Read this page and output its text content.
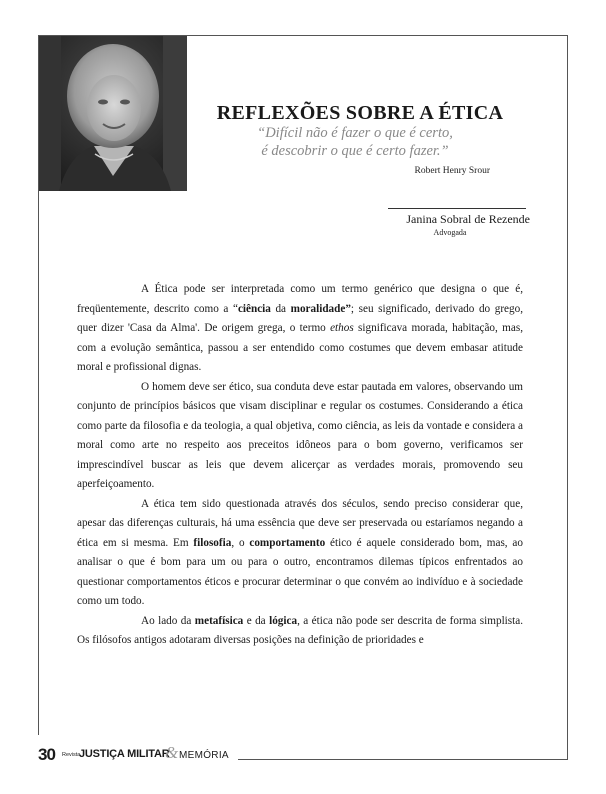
REFLEXÕES SOBRE A ÉTICA
“Difícil não é fazer o que é certo,
é descobrir o que é certo fazer.”
Robert Henry Srour
Janina Sobral de Rezende
Advogada

A Ética pode ser interpretada como um termo genérico que designa o que é, freqüentemente, descrito como a “ciência da moralidade”; seu significado, derivado do grego, quer dizer 'Casa da Alma'. De origem grega, o termo ethos significava morada, habitação, mas, com a evolução semântica, passou a ser entendido como costumes que devem embasar atitude moral e profissional dignas.

O homem deve ser ético, sua conduta deve estar pautada em valores, observando um conjunto de princípios básicos que visam disciplinar e regular os costumes. Considerando a ética como parte da filosofia e da teologia, a qual objetiva, como ciência, as leis da vontade e considera a moral como arte no respeito aos preceitos idôneos para o bom governo, verificamos ser imprescindível buscar as leis que devem alicerçar as verdades morais, promovendo seu aperfeiçoamento.

A ética tem sido questionada através dos séculos, sendo preciso considerar que, apesar das diferenças culturais, há uma essência que deve ser preservada ou estaríamos negando a ética em si mesma. Em filosofia, o comportamento ético é aquele considerado bom, mas, ao analisar o que é bom para um ou para o outro, encontramos dilemas típicos enfrentados ao questionar comportamentos éticos e procurar determinar o que convém ao indivíduo e à sociedade como um todo.

Ao lado da metafísica e da lógica, a ética não pode ser descrita de forma simplista. Os filósofos antigos adotaram diversas posições na definição de prioridades e

30 Revista
JUSTIÇA MILITAR
& MEMÓRIA
